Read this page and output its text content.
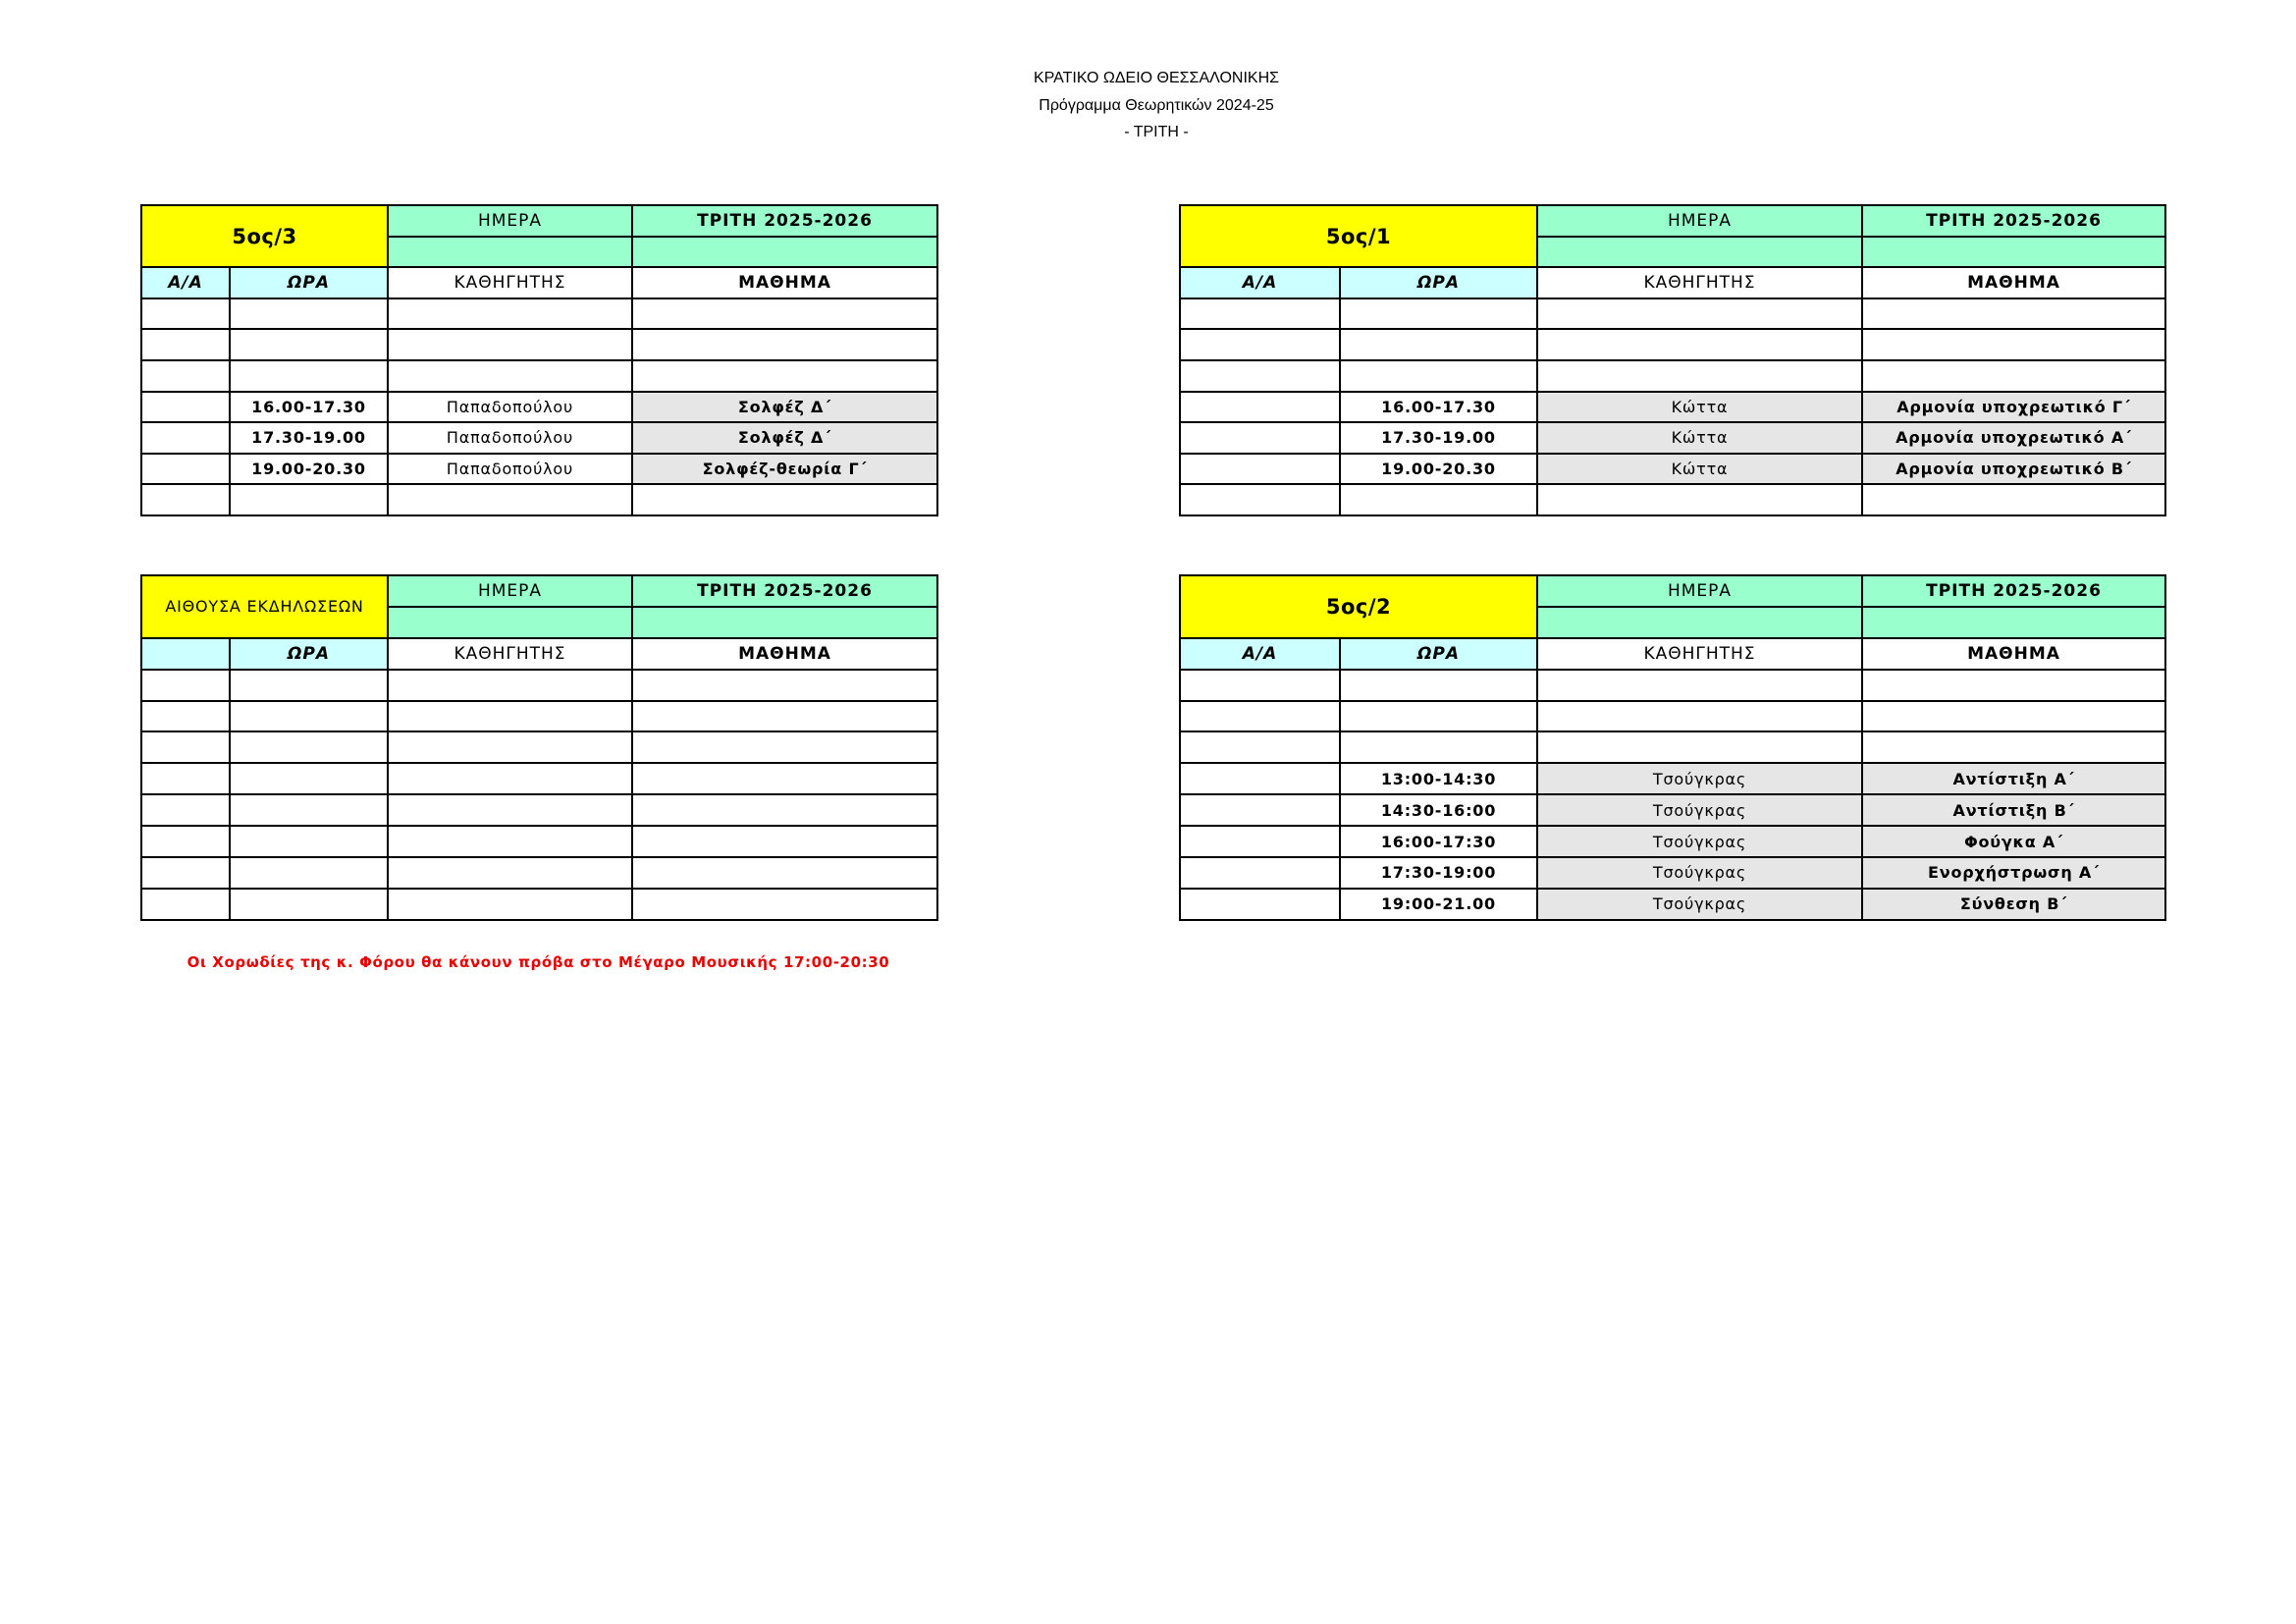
ΚΡΑΤΙΚΟ ΩΔΕΙΟ ΘΕΣΣΑΛΟΝΙΚΗΣ
Πρόγραμμα Θεωρητικών 2024-25
- ΤΡΙΤΗ -
5ος/3		ΗΜΕΡΑ	ΤΡΙΤΗ 2025-2026

Α/Α	ΩΡΑ	ΚΑΘΗΓΗΤΗΣ	ΜΑΘΗΜΑ

	16.00-17.30	Παπαδοπούλου	Σολφέζ Δ΄
	17.30-19.00	Παπαδοπούλου	Σολφέζ Δ΄
	19.00-20.30	Παπαδοπούλου	Σολφέζ-θεωρία Γ΄

5ος/1		ΗΜΕΡΑ	ΤΡΙΤΗ 2025-2026

Α/Α	ΩΡΑ	ΚΑΘΗΓΗΤΗΣ	ΜΑΘΗΜΑ

	16.00-17.30	Κώττα	Αρμονία υποχρεωτικό Γ΄
	17.30-19.00	Κώττα	Αρμονία υποχρεωτικό Α΄
	19.00-20.30	Κώττα	Αρμονία υποχρεωτικό Β΄

ΑΙΘΟΥΣΑ ΕΚΔΗΛΩΣΕΩΝ		ΗΜΕΡΑ	ΤΡΙΤΗ 2025-2026

	ΩΡΑ	ΚΑΘΗΓΗΤΗΣ	ΜΑΘΗΜΑ

5ος/2		ΗΜΕΡΑ	ΤΡΙΤΗ 2025-2026

Α/Α	ΩΡΑ	ΚΑΘΗΓΗΤΗΣ	ΜΑΘΗΜΑ

	13:00-14:30	Τσούγκρας	Αντίστιξη Α΄
	14:30-16:00	Τσούγκρας	Αντίστιξη Β΄
	16:00-17:30	Τσούγκρας	Φούγκα Α΄
	17:30-19:00	Τσούγκρας	Ενορχήστρωση Α΄
	19:00-21.00	Τσούγκρας	Σύνθεση Β΄
Οι Χορωδίες της κ. Φόρου θα κάνουν πρόβα στο Μέγαρο Μουσικής 17:00-20:30
